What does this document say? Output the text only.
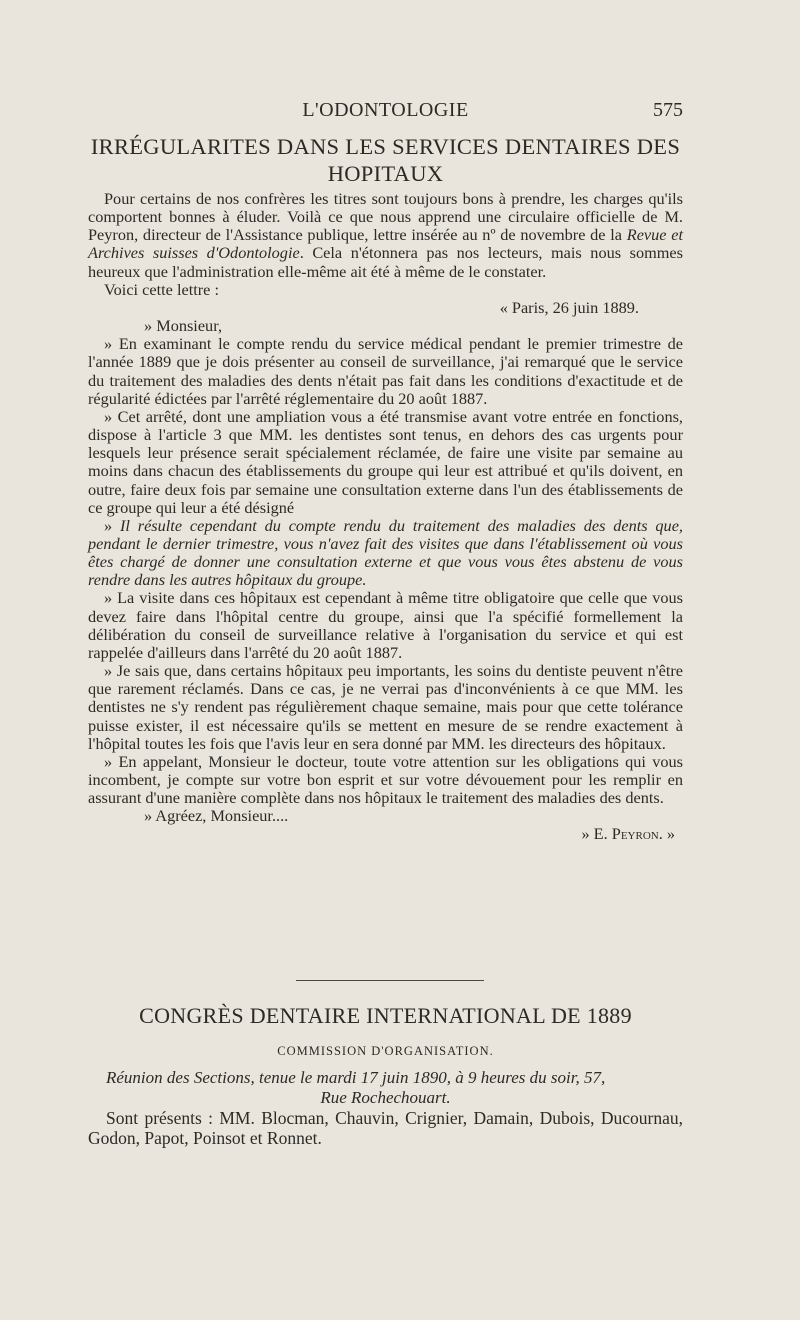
L'ODONTOLOGIE	575
IRRÉGULARITES DANS LES SERVICES DENTAIRES DES HOPITAUX

Pour certains de nos confrères les titres sont toujours bons à prendre, les charges qu'ils comportent bonnes à éluder. Voilà ce que nous apprend une circulaire officielle de M. Peyron, directeur de l'Assistance publique, lettre insérée au nº de novembre de la Revue et Archives suisses d'Odontologie. Cela n'étonnera pas nos lecteurs, mais nous sommes heureux que l'administration elle-même ait été à même de le constater.

Voici cette lettre :

« Paris, 26 juin 1889.

» Monsieur,

» En examinant le compte rendu du service médical pendant le premier trimestre de l'année 1889 que je dois présenter au conseil de surveillance, j'ai remarqué que le service du traitement des maladies des dents n'était pas fait dans les conditions d'exactitude et de régularité édictées par l'arrêté réglementaire du 20 août 1887.

» Cet arrêté, dont une ampliation vous a été transmise avant votre entrée en fonctions, dispose à l'article 3 que MM. les dentistes sont tenus, en dehors des cas urgents pour lesquels leur présence serait spécialement réclamée, de faire une visite par semaine au moins dans chacun des établissements du groupe qui leur est attribué et qu'ils doivent, en outre, faire deux fois par semaine une consultation externe dans l'un des établissements de ce groupe qui leur a été désigné

» Il résulte cependant du compte rendu du traitement des maladies des dents que, pendant le dernier trimestre, vous n'avez fait des visites que dans l'établissement où vous êtes chargé de donner une consultation externe et que vous vous êtes abstenu de vous rendre dans les autres hôpitaux du groupe.

» La visite dans ces hôpitaux est cependant à même titre obligatoire que celle que vous devez faire dans l'hôpital centre du groupe, ainsi que l'a spécifié formellement la délibération du conseil de surveillance relative à l'organisation du service et qui est rappelée d'ailleurs dans l'arrêté du 20 août 1887.

» Je sais que, dans certains hôpitaux peu importants, les soins du dentiste peuvent n'être que rarement réclamés. Dans ce cas, je ne verrai pas d'inconvénients à ce que MM. les dentistes ne s'y rendent pas régulièrement chaque semaine, mais pour que cette tolérance puisse exister, il est nécessaire qu'ils se mettent en mesure de se rendre exactement à l'hôpital toutes les fois que l'avis leur en sera donné par MM. les directeurs des hôpitaux.

» En appelant, Monsieur le docteur, toute votre attention sur les obligations qui vous incombent, je compte sur votre bon esprit et sur votre dévouement pour les remplir en assurant d'une manière complète dans nos hôpitaux le traitement des maladies des dents.

» Agréez, Monsieur....

» E. Peyron. »

CONGRÈS DENTAIRE INTERNATIONAL DE 1889
COMMISSION D'ORGANISATION.
Réunion des Sections, tenue le mardi 17 juin 1890, à 9 heures du soir, 57,
Rue Rochechouart.

Sont présents : MM. Blocman, Chauvin, Crignier, Damain, Dubois, Ducournau, Godon, Papot, Poinsot et Ronnet.
